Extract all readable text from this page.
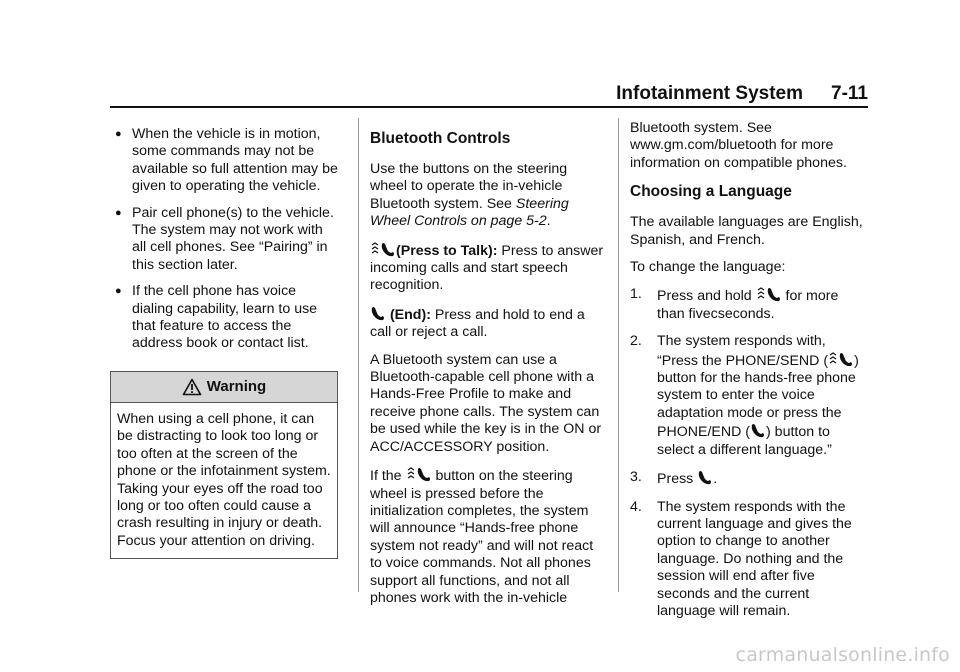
Infotainment System 7-11
● When the vehicle is in motion, some commands may not be available so full attention may be given to operating the vehicle.
● Pair cell phone(s) to the vehicle. The system may not work with all cell phones. See “Pairing” in this section later.
● If the cell phone has voice dialing capability, learn to use that feature to access the address book or contact list.
Warning
When using a cell phone, it can be distracting to look too long or too often at the screen of the phone or the infotainment system. Taking your eyes off the road too long or too often could cause a crash resulting in injury or death. Focus your attention on driving.
Bluetooth Controls

Use the buttons on the steering wheel to operate the in-vehicle Bluetooth system. See Steering Wheel Controls on page 5-2.

(Press to Talk): Press to answer incoming calls and start speech recognition.

(End): Press and hold to end a call or reject a call.

A Bluetooth system can use a Bluetooth-capable cell phone with a Hands-Free Profile to make and receive phone calls. The system can be used while the key is in the ON or ACC/ACCESSORY position.

If the  button on the steering wheel is pressed before the initialization completes, the system will announce “Hands-free phone system not ready” and will not react to voice commands. Not all phones support all functions, and not all phones work with the in-vehicle

Bluetooth system. See www.gm.com/bluetooth for more information on compatible phones.

Choosing a Language

The available languages are English, Spanish, and French.

To change the language:

1. Press and hold  for more than fivecseconds.
2. The system responds with, “Press the PHONE/SEND ( ) button for the hands-free phone system to enter the voice adaptation mode or press the PHONE/END ( ) button to select a different language.”
3. Press .
4. The system responds with the current language and gives the option to change to another language. Do nothing and the session will end after five seconds and the current language will remain.
carmanualsonline.info
